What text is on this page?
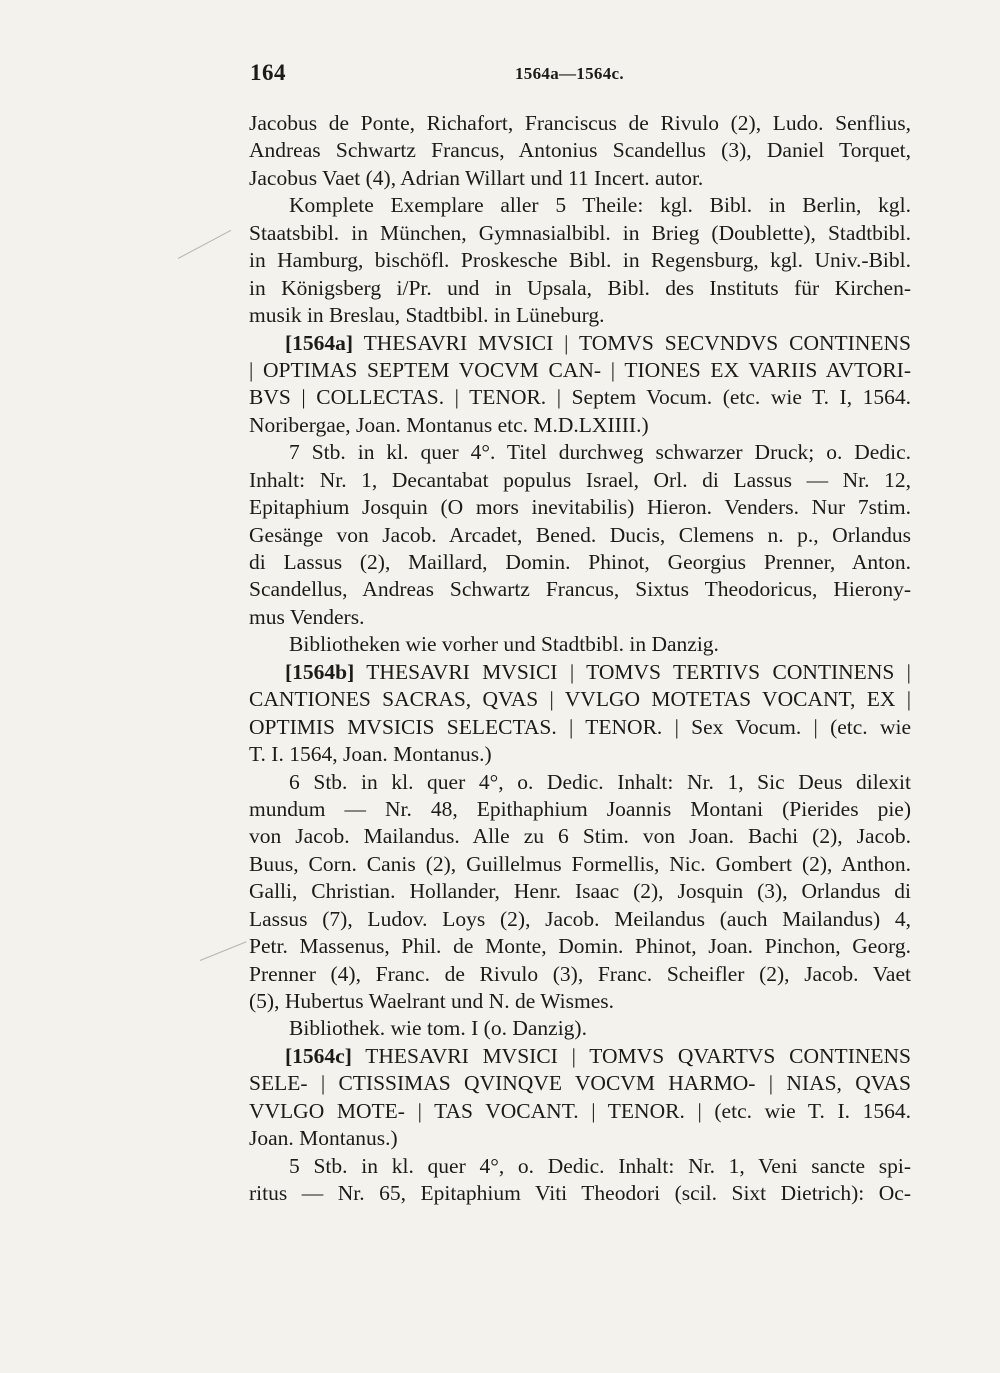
164	1564a—1564c.
Jacobus de Ponte, Richafort, Franciscus de Rivulo (2), Ludo. Senflius,
Andreas Schwartz Francus, Antonius Scandellus (3), Daniel Torquet,
Jacobus Vaet (4), Adrian Willart und 11 Incert. autor.
Komplete Exemplare aller 5 Theile: kgl. Bibl. in Berlin, kgl.
Staatsbibl. in München, Gymnasialbibl. in Brieg (Doublette), Stadtbibl.
in Hamburg, bischöfl. Proskesche Bibl. in Regensburg, kgl. Univ.-Bibl.
in Königsberg i/Pr. und in Upsala, Bibl. des Instituts für Kirchen-
musik in Breslau, Stadtbibl. in Lüneburg.
[1564a] THESAVRI MVSICI | TOMVS SECVNDVS CONTINENS
| OPTIMAS SEPTEM VOCVM CAN- | TIONES EX VARIIS AVTORI-
BVS | COLLECTAS. | TENOR. | Septem Vocum. (etc. wie T. I, 1564.
Noribergae, Joan. Montanus etc. M.D.LXIIII.)
7 Stb. in kl. quer 4°. Titel durchweg schwarzer Druck; o. Dedic.
Inhalt: Nr. 1, Decantabat populus Israel, Orl. di Lassus — Nr. 12,
Epitaphium Josquin (O mors inevitabilis) Hieron. Venders. Nur 7stim.
Gesänge von Jacob. Arcadet, Bened. Ducis, Clemens n. p., Orlandus
di Lassus (2), Maillard, Domin. Phinot, Georgius Prenner, Anton.
Scandellus, Andreas Schwartz Francus, Sixtus Theodoricus, Hierony-
mus Venders.
Bibliotheken wie vorher und Stadtbibl. in Danzig.
[1564b] THESAVRI MVSICI | TOMVS TERTIVS CONTINENS |
CANTIONES SACRAS, QVAS | VVLGO MOTETAS VOCANT, EX |
OPTIMIS MVSICIS SELECTAS. | TENOR. | Sex Vocum. | (etc. wie
T. I. 1564, Joan. Montanus.)
6 Stb. in kl. quer 4°, o. Dedic. Inhalt: Nr. 1, Sic Deus dilexit
mundum — Nr. 48, Epithaphium Joannis Montani (Pierides pie)
von Jacob. Mailandus. Alle zu 6 Stim. von Joan. Bachi (2), Jacob.
Buus, Corn. Canis (2), Guillelmus Formellis, Nic. Gombert (2), Anthon.
Galli, Christian. Hollander, Henr. Isaac (2), Josquin (3), Orlandus di
Lassus (7), Ludov. Loys (2), Jacob. Meilandus (auch Mailandus) 4,
Petr. Massenus, Phil. de Monte, Domin. Phinot, Joan. Pinchon, Georg.
Prenner (4), Franc. de Rivulo (3), Franc. Scheifler (2), Jacob. Vaet
(5), Hubertus Waelrant und N. de Wismes.
Bibliothek. wie tom. I (o. Danzig).
[1564c] THESAVRI MVSICI | TOMVS QVARTVS CONTINENS
SELE- | CTISSIMAS QVINQVE VOCVM HARMO- | NIAS, QVAS
VVLGO MOTE- | TAS VOCANT. | TENOR. | (etc. wie T. I. 1564.
Joan. Montanus.)
5 Stb. in kl. quer 4°, o. Dedic. Inhalt: Nr. 1, Veni sancte spi-
ritus — Nr. 65, Epitaphium Viti Theodori (scil. Sixt Dietrich): Oc-
